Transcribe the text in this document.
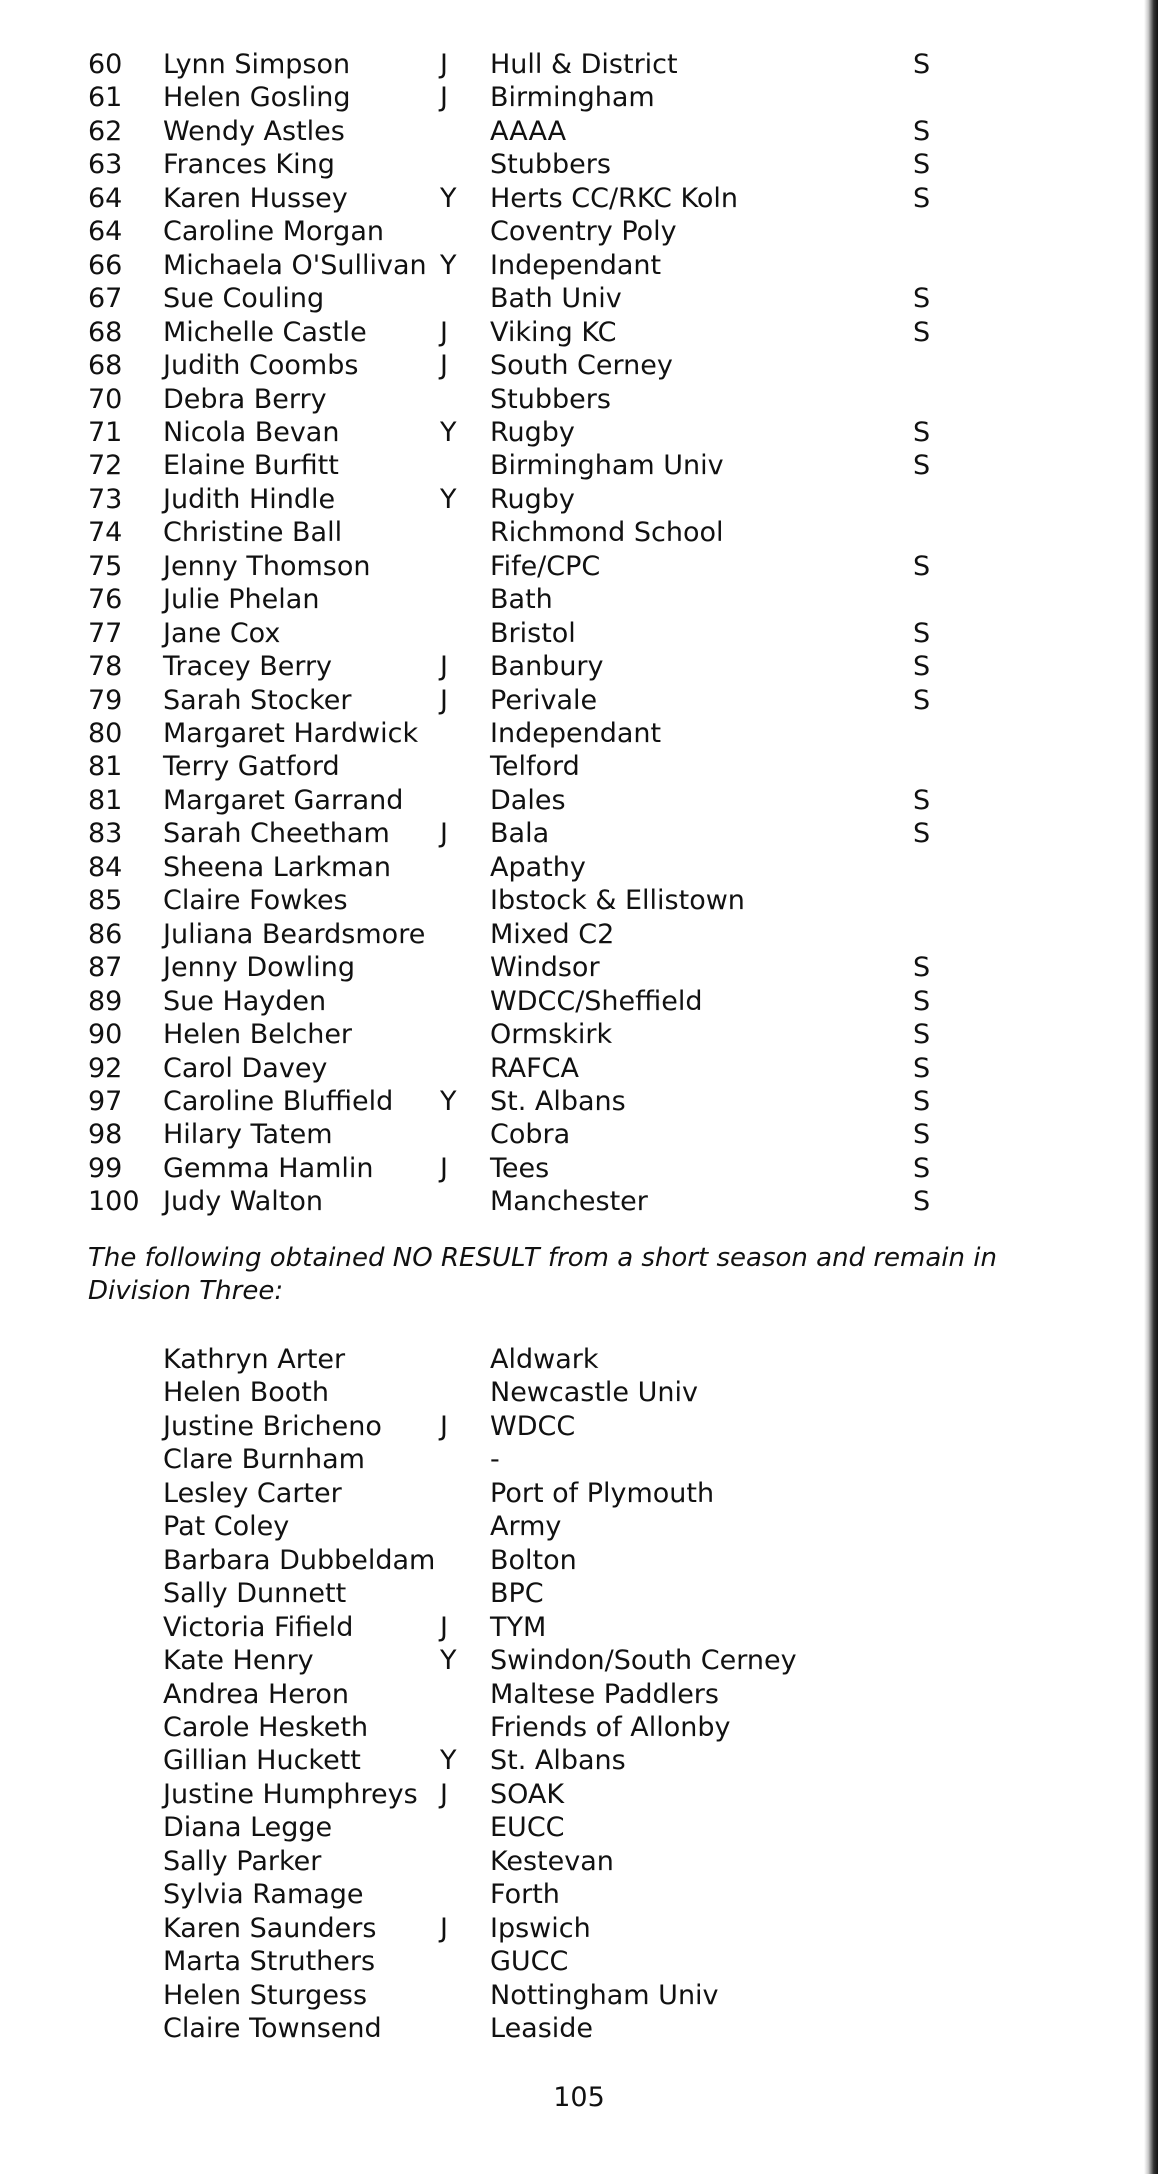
60 Lynn Simpson	J Hull & District	S
61 Helen Gosling	J Birmingham
62 Wendy Astles	AAAA	S
63 Frances King	Stubbers	S
64 Karen Hussey	Y Herts CC/RKC Koln	S
64 Caroline Morgan	Coventry Poly
66 Michaela O'Sullivan Y Independant
67 Sue Couling	Bath Univ	S
68 Michelle Castle	J Viking KC	S
68 Judith Coombs	J South Cerney
70 Debra Berry	Stubbers
71 Nicola Bevan	Y Rugby	S
72 Elaine Burfitt	Birmingham Univ	S
73 Judith Hindle	Y Rugby
74 Christine Ball	Richmond School
75 Jenny Thomson	Fife/CPC	S
76 Julie Phelan	Bath
77 Jane Cox	Bristol	S
78 Tracey Berry	J Banbury	S
79 Sarah Stocker	J Perivale	S
80 Margaret Hardwick	Independant
81 Terry Gatford	Telford
81 Margaret Garrand	Dales	S
83 Sarah Cheetham J Bala	S
84 Sheena Larkman	Apathy
85 Claire Fowkes	Ibstock & Ellistown
86 Juliana Beardsmore Mixed C2
87 Jenny Dowling	Windsor	S
89 Sue Hayden	WDCC/Sheffield	S
90 Helen Belcher	Ormskirk	S
92 Carol Davey	RAFCA	S
97 Caroline Bluffield Y St. Albans	S
98 Hilary Tatem	Cobra	S
99 Gemma Hamlin J Tees	S
100 Judy Walton	Manchester	S
The following obtained NO RESULT from a short season and remain in Division Three:
Kathryn Arter	Aldwark
Helen Booth	Newcastle Univ
Justine Bricheno J WDCC
Clare Burnham	-
Lesley Carter	Port of Plymouth
Pat Coley	Army
Barbara Dubbeldam Bolton
Sally Dunnett	BPC
Victoria Fifield	J TYM
Kate Henry	Y Swindon/South Cerney
Andrea Heron	Maltese Paddlers
Carole Hesketh	Friends of Allonby
Gillian Huckett	Y St. Albans
Justine Humphreys J SOAK
Diana Legge	EUCC
Sally Parker	Kestevan
Sylvia Ramage	Forth
Karen Saunders J Ipswich
Marta Struthers	GUCC
Helen Sturgess	Nottingham Univ
Claire Townsend	Leaside
105
